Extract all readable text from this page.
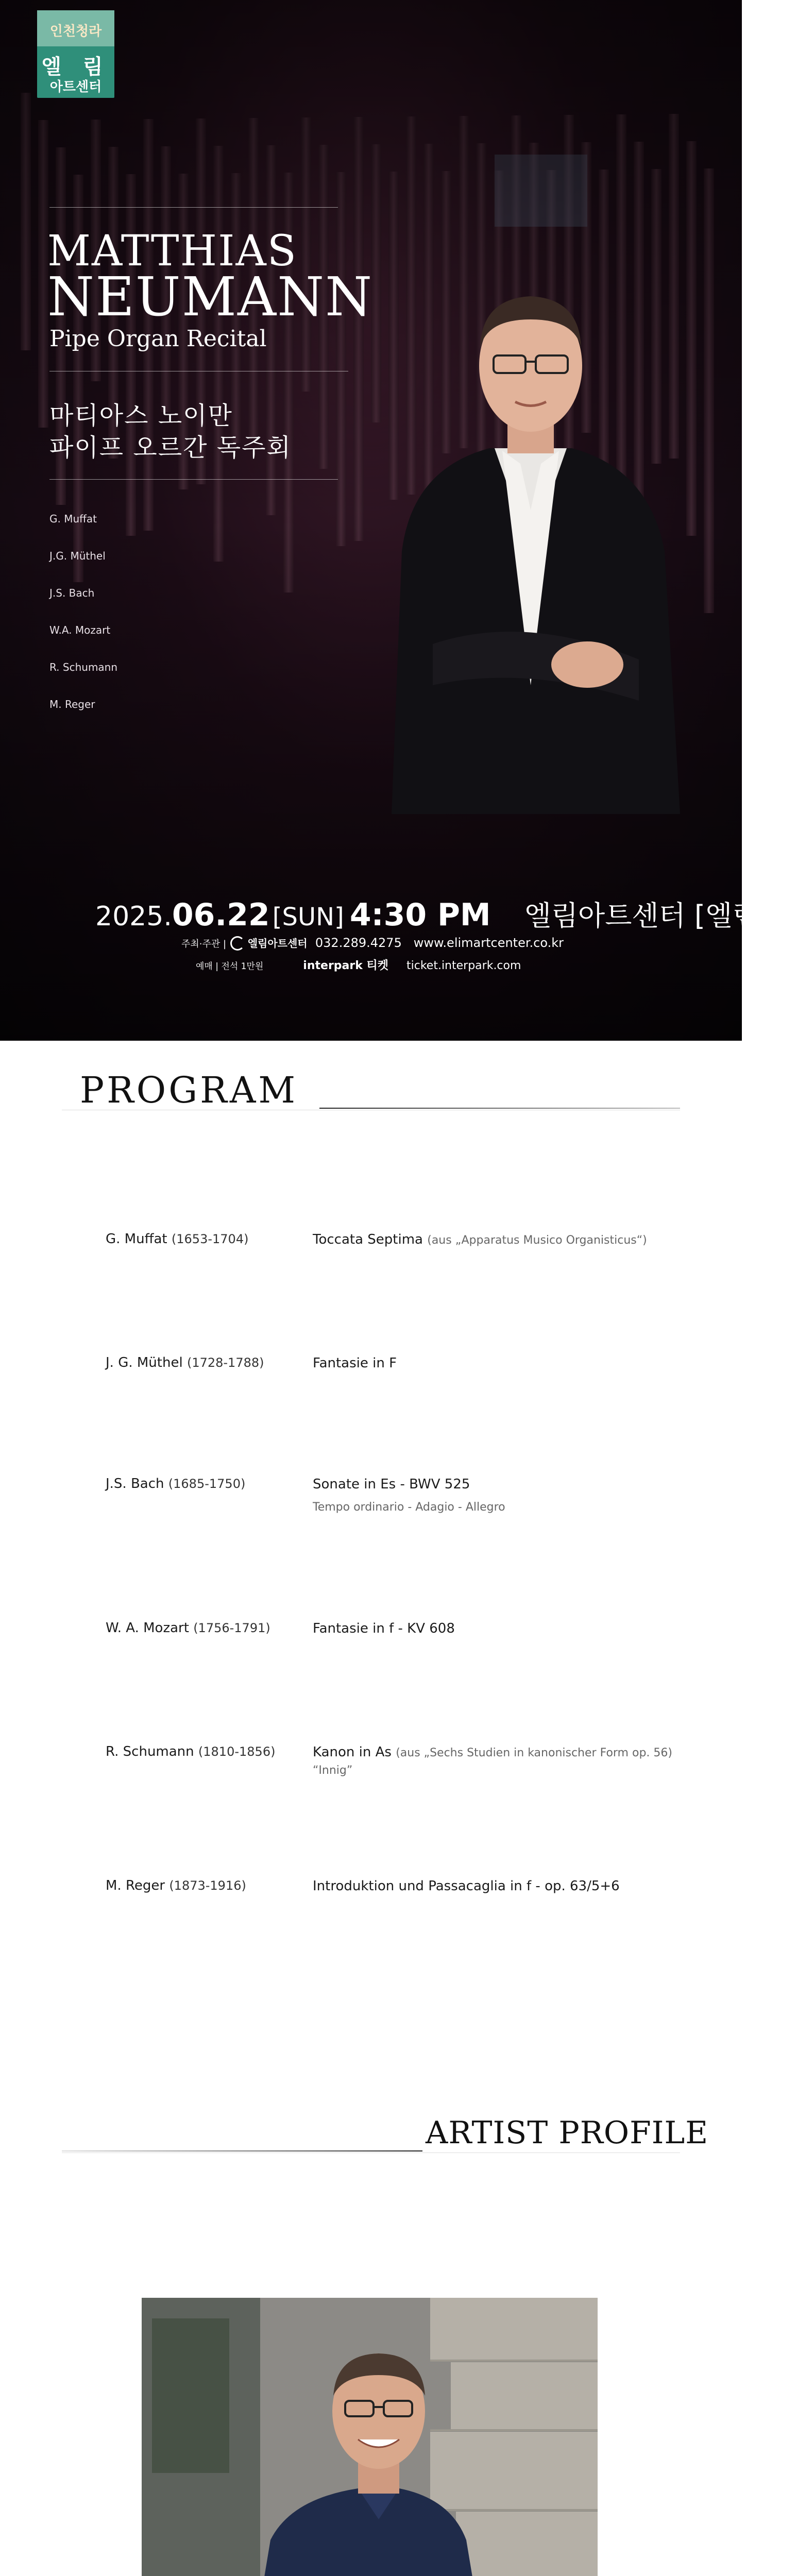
인천청라
엘 림
아트센터
MATTHIAS
NEUMANN
Pipe Organ Recital
마티아스 노이만
파이프 오르간 독주회
G. Muffat
J.G. Müthel
J.S. Bach
W.A. Mozart
R. Schumann
M. Reger
2025.06.22 [SUN] 4:30 PM 엘림아트센터 [엘림홀]
주최·주관 | 엘림아트센터 032.289.4275 www.elimartcenter.co.kr
예매 | 전석 1만원	interpark 티켓 ticket.interpark.com
PROGRAM
G. Muffat (1653-1704)	Toccata Septima (aus „Apparatus Musico Organisticus“)
J. G. Müthel (1728-1788)	Fantasie in F
J.S. Bach (1685-1750)	Sonate in Es - BWV 525
Tempo ordinario - Adagio - Allegro
W. A. Mozart (1756-1791)	Fantasie in f - KV 608
R. Schumann (1810-1856)	Kanon in As (aus „Sechs Studien in kanonischer Form op. 56) “Innig”
M. Reger (1873-1916)	Introduktion und Passacaglia in f - op. 63/5+6
ARTIST PROFILE
